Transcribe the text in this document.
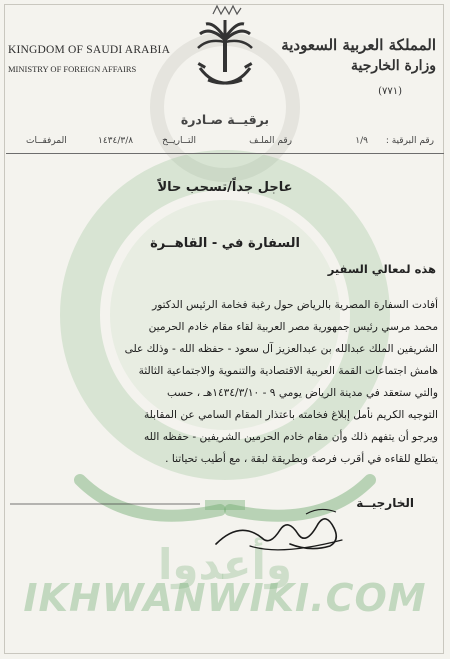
وأعدوا
IKHWANWIKI.COM
KINGDOM OF SAUDI ARABIA
MINISTRY OF FOREIGN AFFAIRS
المملكة العربية السعودية
وزارة الخارجية
(٧٧١)
برقيــة صـادرة
رقم البرقية :
١/٩
رقم الملـف
التــاريــخ
١٤٣٤/٣/٨
المرفقــات
عاجل جداً/تسحب حالاً
السفارة في - القاهــرة
هذه لمعالي السفير

أفادت السفارة المصرية بالرياض حول رغبة فخامة الرئيس الدكتور

محمد مرسي رئيس جمهورية مصر العربية لقاء مقام خادم الحرمين

الشريفين الملك عبدالله بن عبدالعزيز آل سعود - حفظه الله - وذلك على

هامش اجتماعات القمة العربية الاقتصادية والتنموية والاجتماعية الثالثة

والتي ستعقد في مدينة الرياض يومي ٩ - ١٤٣٤/٣/١٠هـ ، حسب

التوجيه الكريم نأمل إبلاغ فخامته باعتذار المقام السامي عن المقابلة

ويرجو أن يتفهم ذلك وأن مقام خادم الحرمين الشريفين - حفظه الله

يتطلع للقاءه في أقرب فرصة وبطريقة لبقة ، مع أطيب تحياتنا .

الخارجيــة
